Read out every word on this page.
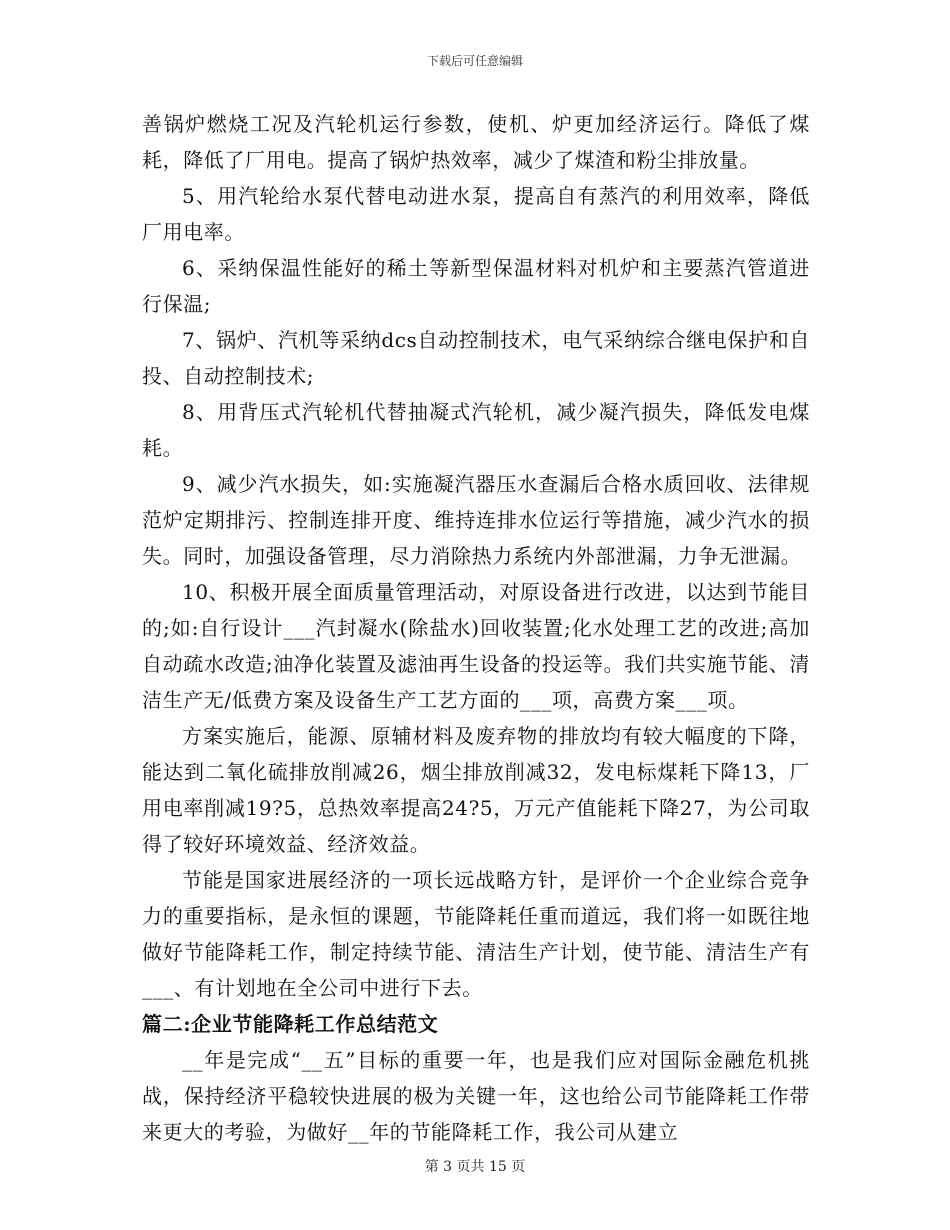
下载后可任意编辑

善锅炉燃烧工况及汽轮机运行参数，使机、炉更加经济运行。降低了煤耗，降低了厂用电。提高了锅炉热效率，减少了煤渣和粉尘排放量。

5、用汽轮给水泵代替电动进水泵，提高自有蒸汽的利用效率，降低厂用电率。

6、采纳保温性能好的稀土等新型保温材料对机炉和主要蒸汽管道进行保温;

7、锅炉、汽机等采纳dcs自动控制技术，电气采纳综合继电保护和自投、自动控制技术;

8、用背压式汽轮机代替抽凝式汽轮机，减少凝汽损失，降低发电煤耗。

9、减少汽水损失，如:实施凝汽器压水查漏后合格水质回收、法律规范炉定期排污、控制连排开度、维持连排水位运行等措施，减少汽水的损失。同时，加强设备管理，尽力消除热力系统内外部泄漏，力争无泄漏。

10、积极开展全面质量管理活动，对原设备进行改进，以达到节能目的;如:自行设计___汽封凝水(除盐水)回收装置;化水处理工艺的改进;高加自动疏水改造;油净化装置及滤油再生设备的投运等。我们共实施节能、清洁生产无/低费方案及设备生产工艺方面的___项，高费方案___项。

方案实施后，能源、原辅材料及废弃物的排放均有较大幅度的下降，能达到二氧化硫排放削减26，烟尘排放削减32，发电标煤耗下降13，厂用电率削减19?5，总热效率提高24?5，万元产值能耗下降27，为公司取得了较好环境效益、经济效益。

节能是国家进展经济的一项长远战略方针，是评价一个企业综合竞争力的重要指标，是永恒的课题，节能降耗任重而道远，我们将一如既往地做好节能降耗工作，制定持续节能、清洁生产计划，使节能、清洁生产有___、有计划地在全公司中进行下去。

篇二:企业节能降耗工作总结范文

__年是完成“__五”目标的重要一年，也是我们应对国际金融危机挑战，保持经济平稳较快进展的极为关键一年，这也给公司节能降耗工作带来更大的考验，为做好__年的节能降耗工作，我公司从建立

第 3 页共 15 页
